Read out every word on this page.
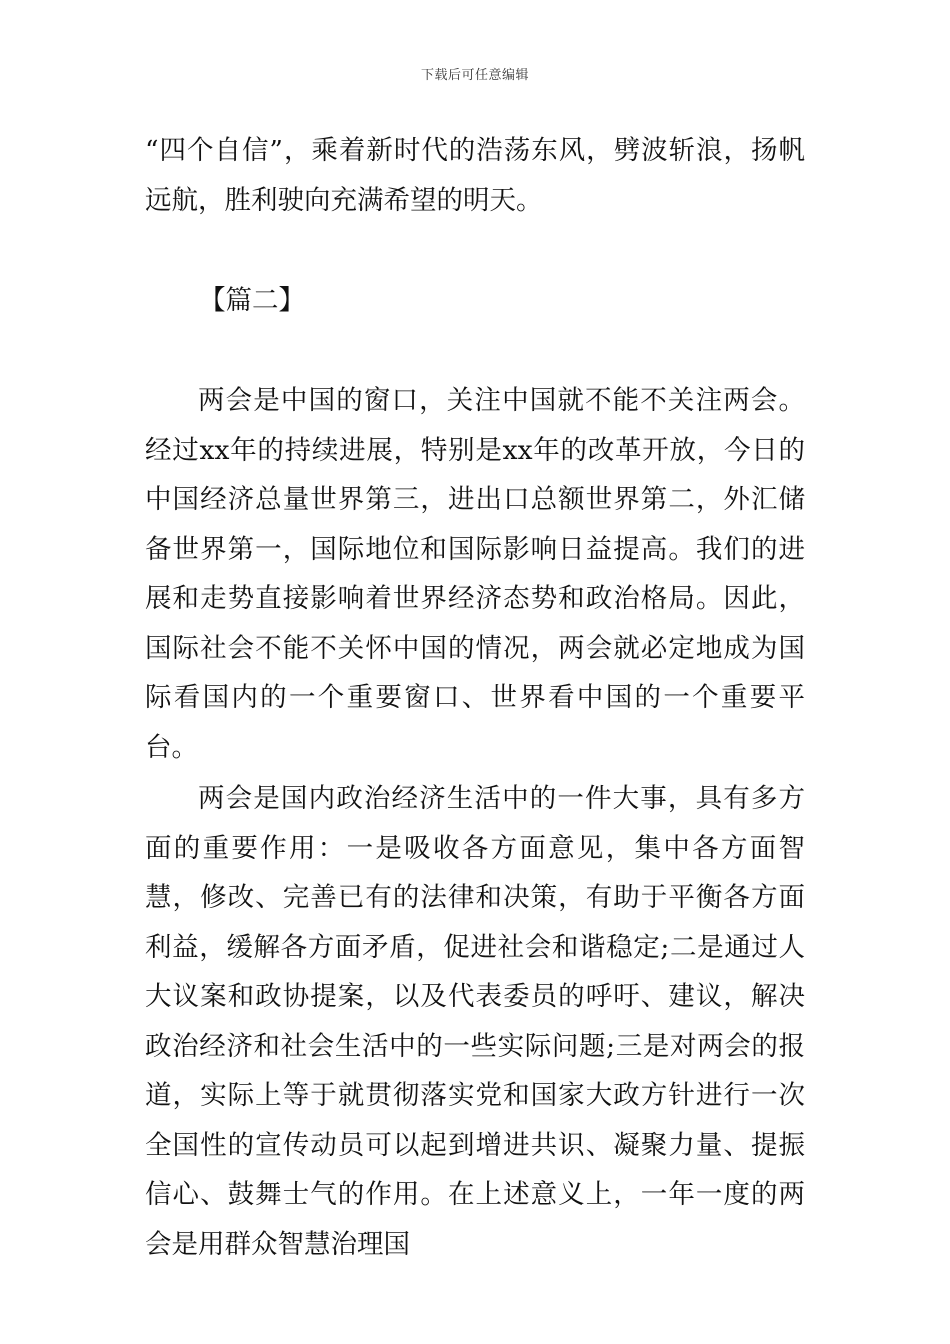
下载后可任意编辑

“四个自信”，乘着新时代的浩荡东风，劈波斩浪，扬帆远航，胜利驶向充满希望的明天。

【篇二】

两会是中国的窗口，关注中国就不能不关注两会。经过xx年的持续进展，特别是xx年的改革开放，今日的中国经济总量世界第三，进出口总额世界第二，外汇储备世界第一，国际地位和国际影响日益提高。我们的进展和走势直接影响着世界经济态势和政治格局。因此，国际社会不能不关怀中国的情况，两会就必定地成为国际看国内的一个重要窗口、世界看中国的一个重要平台。

两会是国内政治经济生活中的一件大事，具有多方面的重要作用：一是吸收各方面意见，集中各方面智慧，修改、完善已有的法律和决策，有助于平衡各方面利益，缓解各方面矛盾，促进社会和谐稳定;二是通过人大议案和政协提案，以及代表委员的呼吁、建议，解决政治经济和社会生活中的一些实际问题;三是对两会的报道，实际上等于就贯彻落实党和国家大政方针进行一次全国性的宣传动员可以起到增进共识、凝聚力量、提振信心、鼓舞士气的作用。在上述意义上，一年一度的两会是用群众智慧治理国
